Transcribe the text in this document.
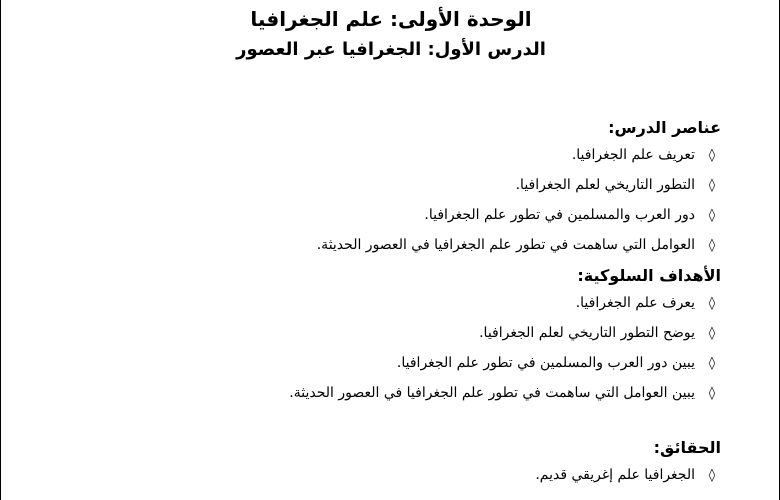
الوحدة الأولى: علم الجغرافيا
الدرس الأول: الجغرافيا عبر العصور
عناصر الدرس:
◊
تعريف علم الجغرافيا.
◊
التطور التاريخي لعلم الجغرافيا.
◊
دور العرب والمسلمين في تطور علم الجغرافيا.
◊
العوامل التي ساهمت في تطور علم الجغرافيا في العصور الحديثة.
الأهداف السلوكية:
◊
يعرف علم الجغرافيا.
◊
يوضح التطور التاريخي لعلم الجغرافيا.
◊
يبين دور العرب والمسلمين في تطور علم الجغرافيا.
◊
يبين العوامل التي ساهمت في تطور علم الجغرافيا في العصور الحديثة.
الحقائق:
◊
الجغرافيا علم إغريقي قديم.
